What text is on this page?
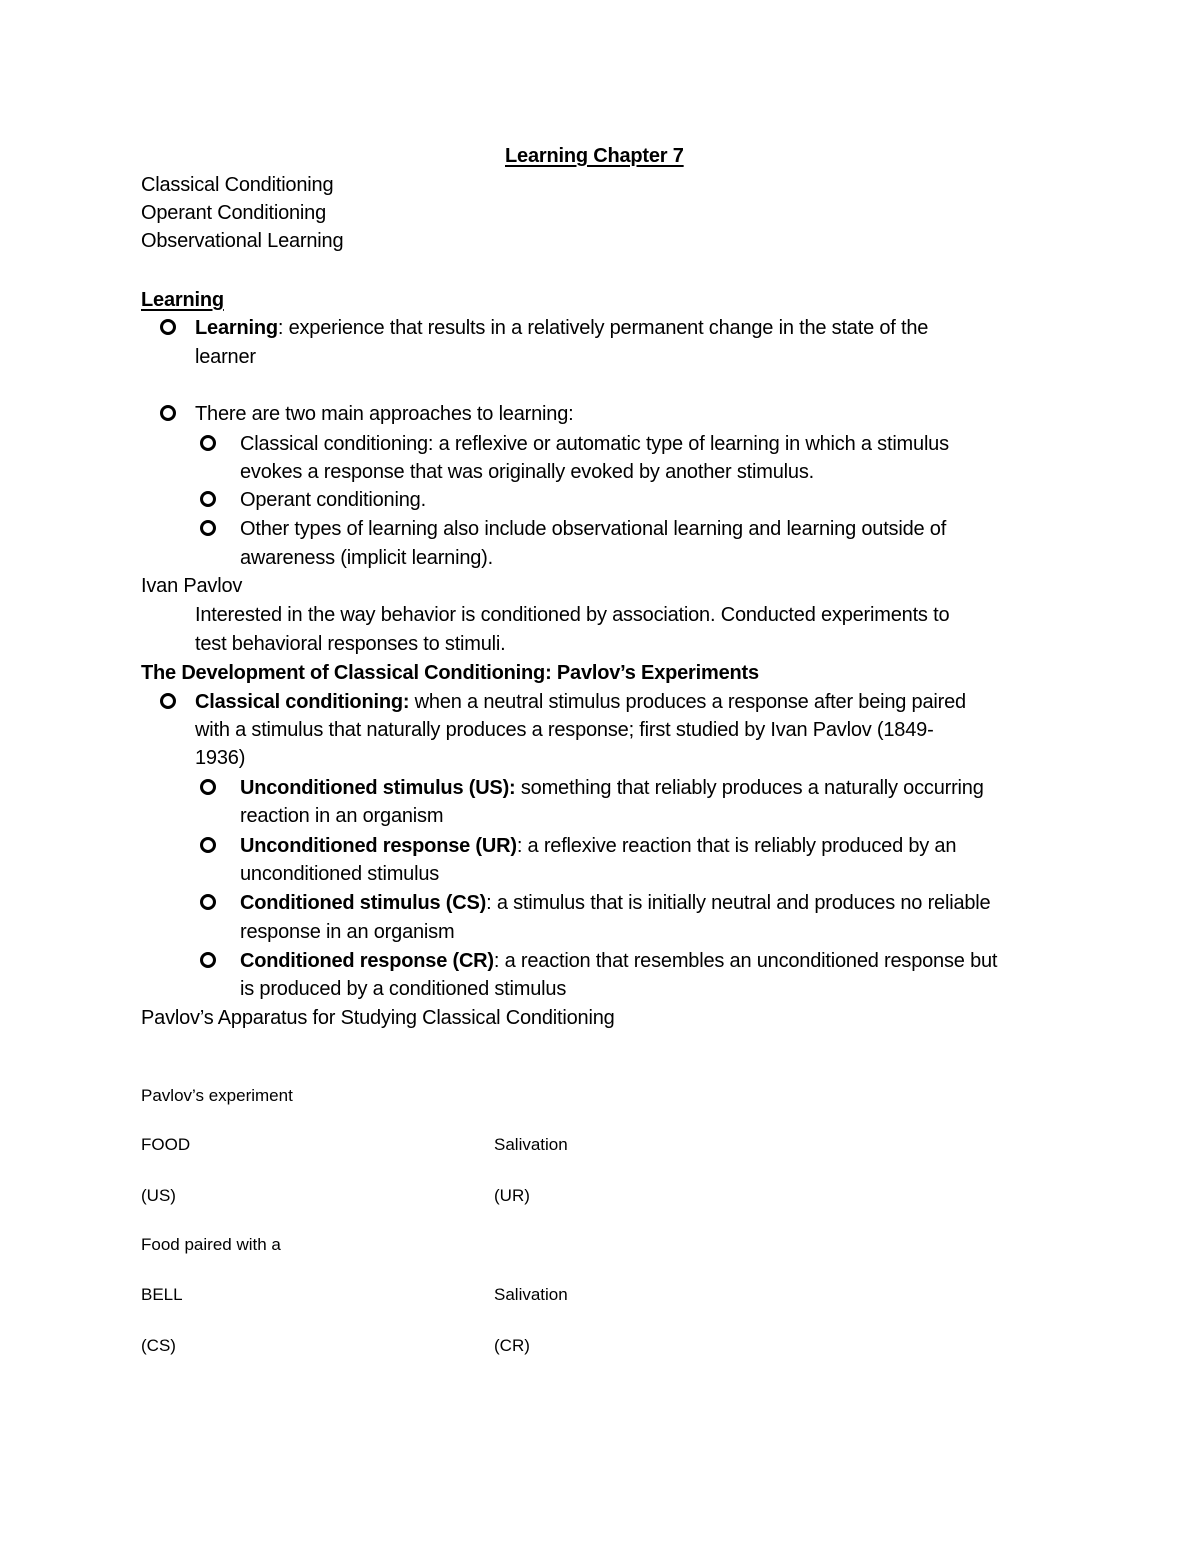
Learning Chapter 7

Classical Conditioning

Operant Conditioning

Observational Learning

Learning

Learning: experience that results in a relatively permanent change in the state of the

learner

There are two main approaches to learning:

Classical conditioning: a reflexive or automatic type of learning in which a stimulus

evokes a response that was originally evoked by another stimulus.

Operant conditioning.

Other types of learning also include observational learning and learning outside of

awareness (implicit learning).

Ivan Pavlov

Interested in the way behavior is conditioned by association. Conducted experiments to

test behavioral responses to stimuli.

The Development of Classical Conditioning: Pavlov’s Experiments

Classical conditioning: when a neutral stimulus produces a response after being paired

with a stimulus that naturally produces a response; first studied by Ivan Pavlov (1849-

1936)

Unconditioned stimulus (US): something that reliably produces a naturally occurring

reaction in an organism

Unconditioned response (UR): a reflexive reaction that is reliably produced by an

unconditioned stimulus

Conditioned stimulus (CS): a stimulus that is initially neutral and produces no reliable

response in an organism

Conditioned response (CR): a reaction that resembles an unconditioned response but

is produced by a conditioned stimulus

Pavlov’s Apparatus for Studying Classical Conditioning

Pavlov’s experiment

FOOD	Salivation

(US)	(UR)

Food paired with a

BELL	Salivation

(CS)	(CR)
